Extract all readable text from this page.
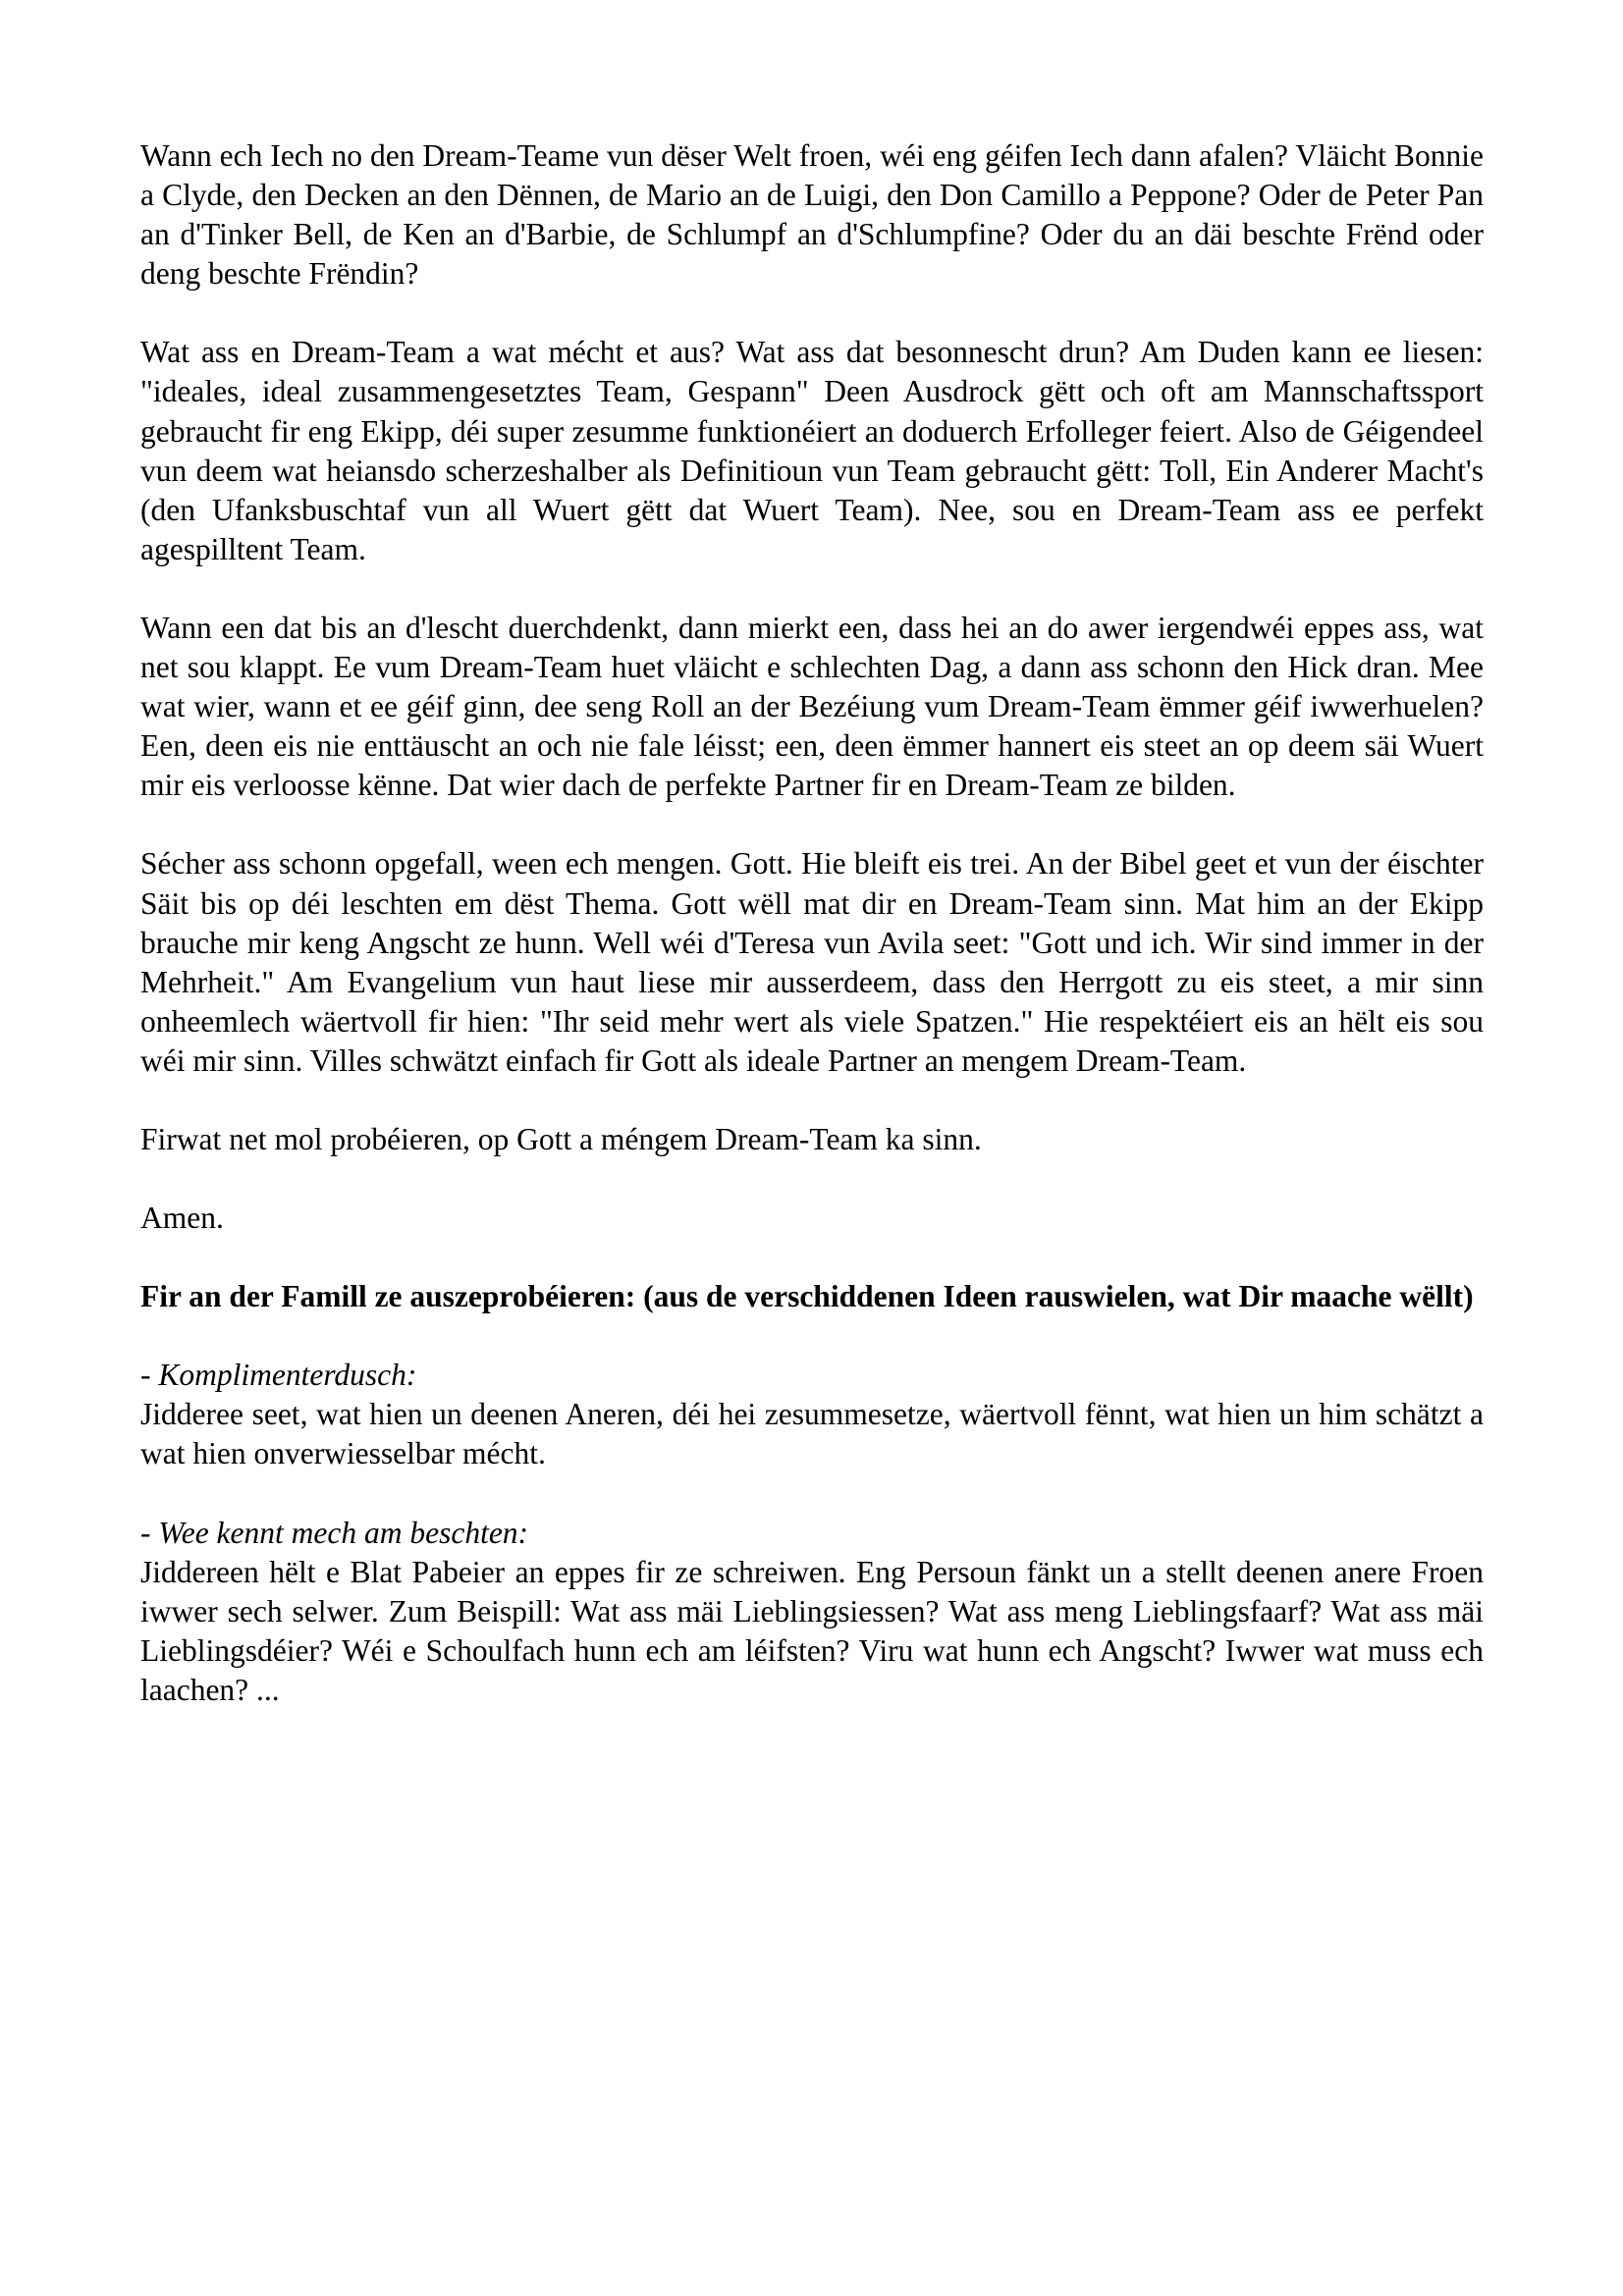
Wann ech Iech no den Dream-Teame vun dëser Welt froen, wéi eng géifen Iech dann afalen? Vläicht Bonnie a Clyde, den Decken an den Dënnen, de Mario an de Luigi, den Don Camillo a Peppone? Oder de Peter Pan an d'Tinker Bell, de Ken an d'Barbie, de Schlumpf an d'Schlumpfine? Oder du an däi beschte Frënd oder deng beschte Frëndin?

Wat ass en Dream-Team a wat mécht et aus? Wat ass dat besonnescht drun? Am Duden kann ee liesen: "ideales, ideal zusammengesetztes Team, Gespann" Deen Ausdrock gëtt och oft am Mannschaftssport gebraucht fir eng Ekipp, déi super zesumme funktionéiert an doduerch Erfolleger feiert. Also de Géigendeel vun deem wat heiansdo scherzeshalber als Definitioun vun Team gebraucht gëtt: Toll, Ein Anderer Macht's (den Ufanksbuschtaf vun all Wuert gëtt dat Wuert Team). Nee, sou en Dream-Team ass ee perfekt agespilltent Team.

Wann een dat bis an d'lescht duerchdenkt, dann mierkt een, dass hei an do awer iergendwéi eppes ass, wat net sou klappt. Ee vum Dream-Team huet vläicht e schlechten Dag, a dann ass schonn den Hick dran. Mee wat wier, wann et ee géif ginn, dee seng Roll an der Bezéiung vum Dream-Team ëmmer géif iwwerhuelen? Een, deen eis nie enttäuscht an och nie fale léisst; een, deen ëmmer hannert eis steet an op deem säi Wuert mir eis verloosse kënne. Dat wier dach de perfekte Partner fir en Dream-Team ze bilden.

Sécher ass schonn opgefall, ween ech mengen. Gott. Hie bleift eis trei. An der Bibel geet et vun der éischter Säit bis op déi leschten em dëst Thema. Gott wëll mat dir en Dream-Team sinn. Mat him an der Ekipp brauche mir keng Angscht ze hunn. Well wéi d'Teresa vun Avila seet: "Gott und ich. Wir sind immer in der Mehrheit." Am Evangelium vun haut liese mir ausserdeem, dass den Herrgott zu eis steet, a mir sinn onheemlech wäertvoll fir hien: "Ihr seid mehr wert als viele Spatzen." Hie respektéiert eis an hëlt eis sou wéi mir sinn. Villes schwätzt einfach fir Gott als ideale Partner an mengem Dream-Team.

Firwat net mol probéieren, op Gott a méngem Dream-Team ka sinn.

Amen.

Fir an der Famill ze auszeprobéieren: (aus de verschiddenen Ideen rauswielen, wat Dir maache wëllt)

- Komplimenterdusch:
Jidderee seet, wat hien un deenen Aneren, déi hei zesummesetze, wäertvoll fënnt, wat hien un him schätzt a wat hien onverwiesselbar mécht.
- Wee kennt mech am beschten:
Jiddereen hëlt e Blat Pabeier an eppes fir ze schreiwen. Eng Persoun fänkt un a stellt deenen anere Froen iwwer sech selwer. Zum Beispill: Wat ass mäi Lieblingsiessen? Wat ass meng Lieblingsfaarf? Wat ass mäi Lieblingsdéier? Wéi e Schoulfach hunn ech am léifsten? Viru wat hunn ech Angscht? Iwwer wat muss ech laachen? ...
